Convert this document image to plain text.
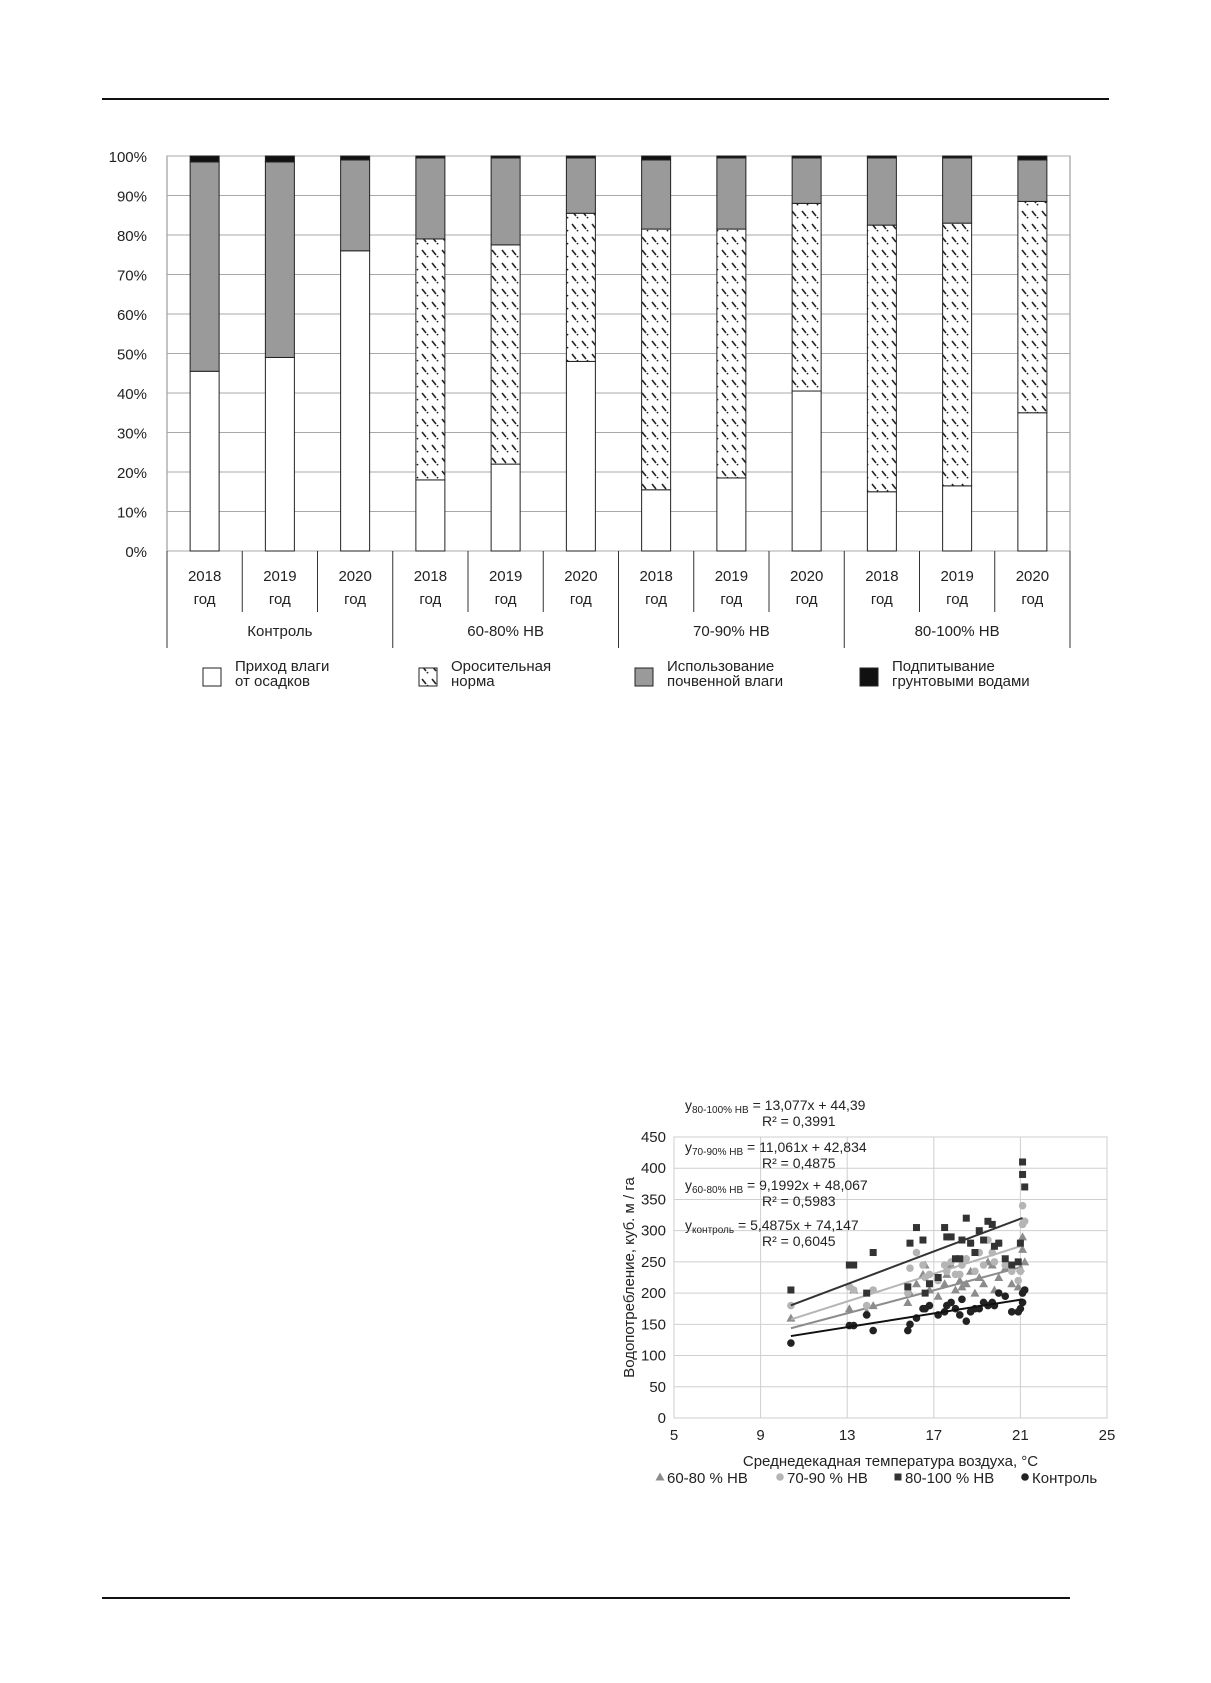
0%
10%
20%
30%
40%
50%
60%
70%
80%
90%
100%
2018
год
2019
год
2020
год
2018
год
2019
год
2020
год
2018
год
2019
год
2020
год
2018
год
2019
год
2020
год
Контроль	60-80% НВ	70-90% НВ	80-100% НВ
Приход влаги
от осадков
Оросительная
норма
Использование
почвенной влаги
Подпитывание
грунтовыми водами
0
50
100
150
200
250
300
350
400
450
5	9	13	17	21	25
Среднедекадная температура воздуха, °С
Водопотребление, куб. м / га
$y_{80-100\% НВ} = 13,077x + 44,39$
R² = 0,3991
$y_{70-90\% НВ} = 11,061x + 42,834$
R² = 0,4875
$y_{60-80\% НВ} = 9,1992x + 48,067$
R² = 0,5983
$y_{контроль} = 5,4875x + 74,147$
R² = 0,6045
60-80 % НВ	70-90 % НВ 80-100 % НВ	Контроль
